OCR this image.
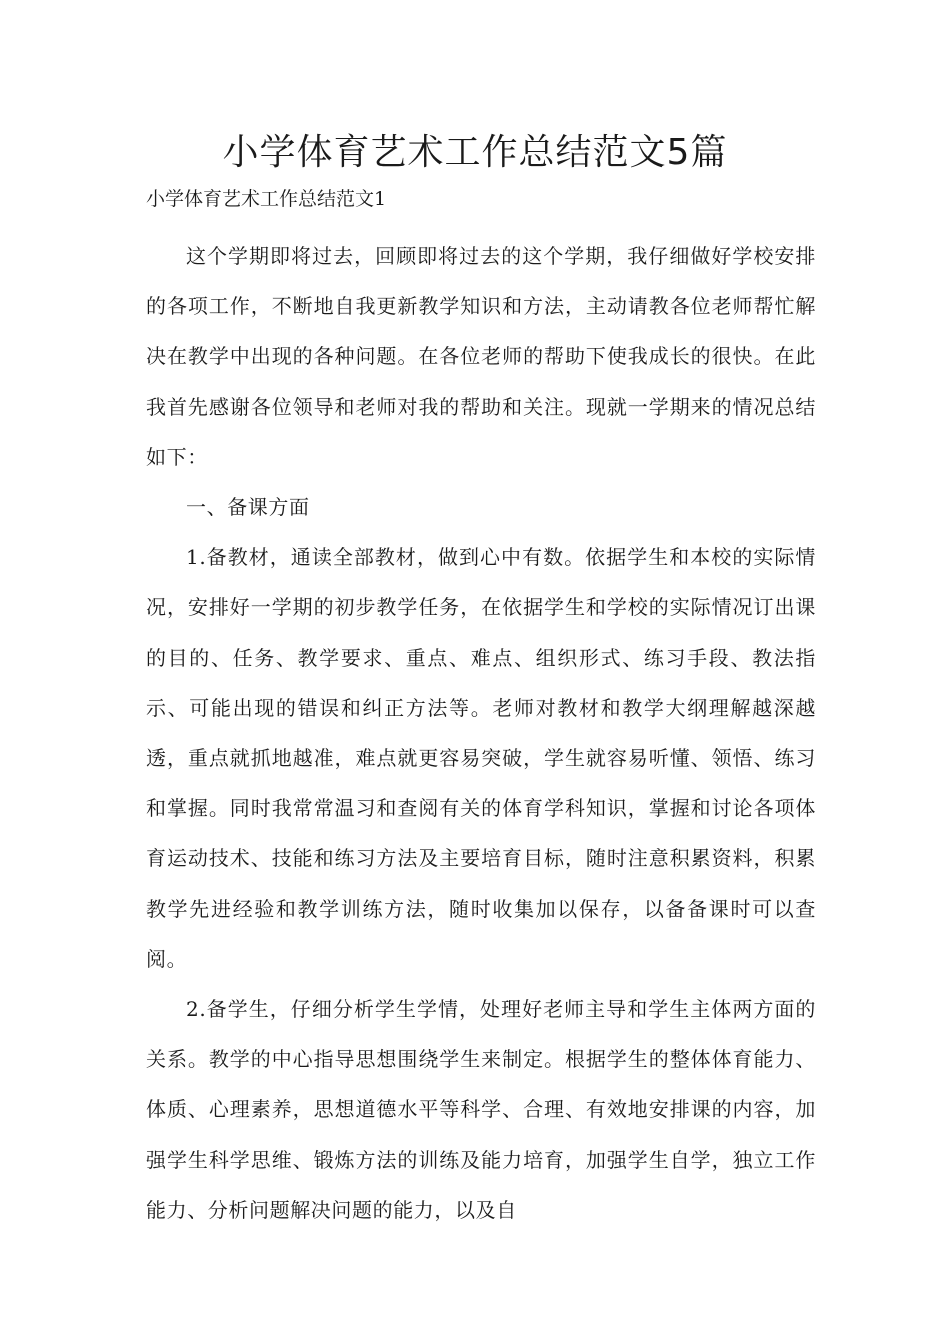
小学体育艺术工作总结范文5篇

小学体育艺术工作总结范文1

这个学期即将过去，回顾即将过去的这个学期，我仔细做好学校安排的各项工作，不断地自我更新教学知识和方法，主动请教各位老师帮忙解决在教学中出现的各种问题。在各位老师的帮助下使我成长的很快。在此我首先感谢各位领导和老师对我的帮助和关注。现就一学期来的情况总结如下：

一、备课方面

1.备教材，通读全部教材，做到心中有数。依据学生和本校的实际情况，安排好一学期的初步教学任务，在依据学生和学校的实际情况订出课的目的、任务、教学要求、重点、难点、组织形式、练习手段、教法指示、可能出现的错误和纠正方法等。老师对教材和教学大纲理解越深越透，重点就抓地越准，难点就更容易突破，学生就容易听懂、领悟、练习和掌握。同时我常常温习和查阅有关的体育学科知识，掌握和讨论各项体育运动技术、技能和练习方法及主要培育目标，随时注意积累资料，积累教学先进经验和教学训练方法，随时收集加以保存，以备备课时可以查阅。

2.备学生，仔细分析学生学情，处理好老师主导和学生主体两方面的关系。教学的中心指导思想围绕学生来制定。根据学生的整体体育能力、体质、心理素养，思想道德水平等科学、合理、有效地安排课的内容，加强学生科学思维、锻炼方法的训练及能力培育，加强学生自学，独立工作能力、分析问题解决问题的能力，以及自
